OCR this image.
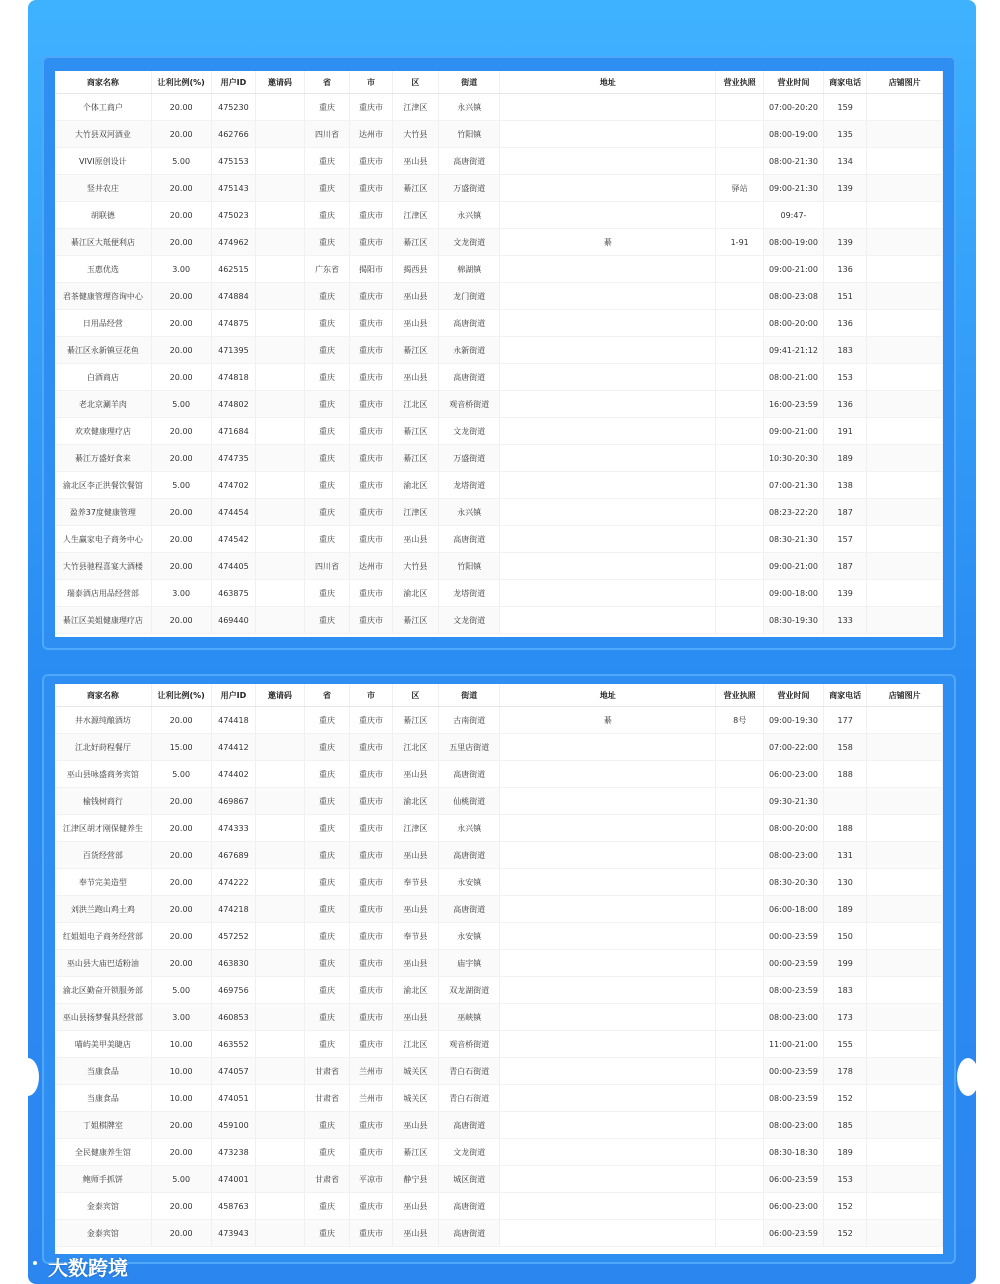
商家名称	让利比例(%)	用户ID	邀请码	省	市	区	街道	地址	营业执照	营业时间	商家电话	店铺图片
个体工商户	20.00	475230		重庆	重庆市	江津区	永兴镇			07:00-20:20	159	
大竹县双河酒业	20.00	462766		四川省	达州市	大竹县	竹阳镇			08:00-19:00	135	
VIVI原创设计	5.00	475153		重庆	重庆市	巫山县	高唐街道			08:00-21:30	134	
竖井农庄	20.00	475143		重庆	重庆市	綦江区	万盛街道		驿站	09:00-21:30	139	
胡联德	20.00	475023		重庆	重庆市	江津区	永兴镇			09:47-		
綦江区大羝便利店	20.00	474962		重庆	重庆市	綦江区	文龙街道	綦	1-91	08:00-19:00	139	
玉惠优选	3.00	462515		广东省	揭阳市	揭西县	棉湖镇			09:00-21:00	136	
君茶健康管理咨询中心	20.00	474884		重庆	重庆市	巫山县	龙门街道			08:00-23:08	151	
日用品经营	20.00	474875		重庆	重庆市	巫山县	高唐街道			08:00-20:00	136	
綦江区永新镇豆花鱼	20.00	471395		重庆	重庆市	綦江区	永新街道			09:41-21:12	183	
白酒商店	20.00	474818		重庆	重庆市	巫山县	高唐街道			08:00-21:00	153	
老北京涮羊肉	5.00	474802		重庆	重庆市	江北区	观音桥街道			16:00-23:59	136	
欢欢健康理疗店	20.00	471684		重庆	重庆市	綦江区	文龙街道			09:00-21:00	191	
綦江万盛好食来	20.00	474735		重庆	重庆市	綦江区	万盛街道			10:30-20:30	189	
渝北区李正洪餐饮餐馆	5.00	474702		重庆	重庆市	渝北区	龙塔街道			07:00-21:30	138	
盈养37度健康管理	20.00	474454		重庆	重庆市	江津区	永兴镇			08:23-22:20	187	
人生赢家电子商务中心	20.00	474542		重庆	重庆市	巫山县	高唐街道			08:30-21:30	157	
大竹县驰程喜宴大酒楼	20.00	474405		四川省	达州市	大竹县	竹阳镇			09:00-21:00	187	
瑞泰酒店用品经营部	3.00	463875		重庆	重庆市	渝北区	龙塔街道			09:00-18:00	139	
綦江区美姐健康理疗店	20.00	469440		重庆	重庆市	綦江区	文龙街道			08:30-19:30	133	
商家名称	让利比例(%)	用户ID	邀请码	省	市	区	街道	地址	营业执照	营业时间	商家电话	店铺图片
井水源纯酿酒坊	20.00	474418		重庆	重庆市	綦江区	古南街道	綦	8号	09:00-19:30	177	
江北好莳程餐厅	15.00	474412		重庆	重庆市	江北区	五里店街道			07:00-22:00	158	
巫山县咏盛商务宾馆	5.00	474402		重庆	重庆市	巫山县	高唐街道			06:00-23:00	188	
榆钱树商行	20.00	469867		重庆	重庆市	渝北区	仙桃街道			09:30-21:30		
江津区胡才刚保健养生	20.00	474333		重庆	重庆市	江津区	永兴镇			08:00-20:00	188	
百货经营部	20.00	467689		重庆	重庆市	巫山县	高唐街道			08:00-23:00	131	
奉节完美造型	20.00	474222		重庆	重庆市	奉节县	永安镇			08:30-20:30	130	
刘洪兰跑山鸡土鸡	20.00	474218		重庆	重庆市	巫山县	高唐街道			06:00-18:00	189	
红姐姐电子商务经营部	20.00	457252		重庆	重庆市	奉节县	永安镇			00:00-23:59	150	
巫山县大庙巴适粉油	20.00	463830		重庆	重庆市	巫山县	庙宇镇			00:00-23:59	199	
渝北区勤奋开锁服务部	5.00	469756		重庆	重庆市	渝北区	双龙湖街道			08:00-23:59	183	
巫山县扬梦餐具经营部	3.00	460853		重庆	重庆市	巫山县	巫峡镇			08:00-23:00	173	
喵屿美甲美睫店	10.00	463552		重庆	重庆市	江北区	观音桥街道			11:00-21:00	155	
当康食品	10.00	474057		甘肃省	兰州市	城关区	青白石街道			00:00-23:59	178	
当康食品	10.00	474051		甘肃省	兰州市	城关区	青白石街道			08:00-23:59	152	
丁姐棋牌室	20.00	459100		重庆	重庆市	巫山县	高唐街道			08:00-23:00	185	
全民健康养生馆	20.00	473238		重庆	重庆市	綦江区	文龙街道			08:30-18:30	189	
鲍师手抓饼	5.00	474001		甘肃省	平凉市	静宁县	城区街道			06:00-23:59	153	
金泰宾馆	20.00	458763		重庆	重庆市	巫山县	高唐街道			06:00-23:00	152	
金泰宾馆	20.00	473943		重庆	重庆市	巫山县	高唐街道			06:00-23:59	152	
大数跨境
